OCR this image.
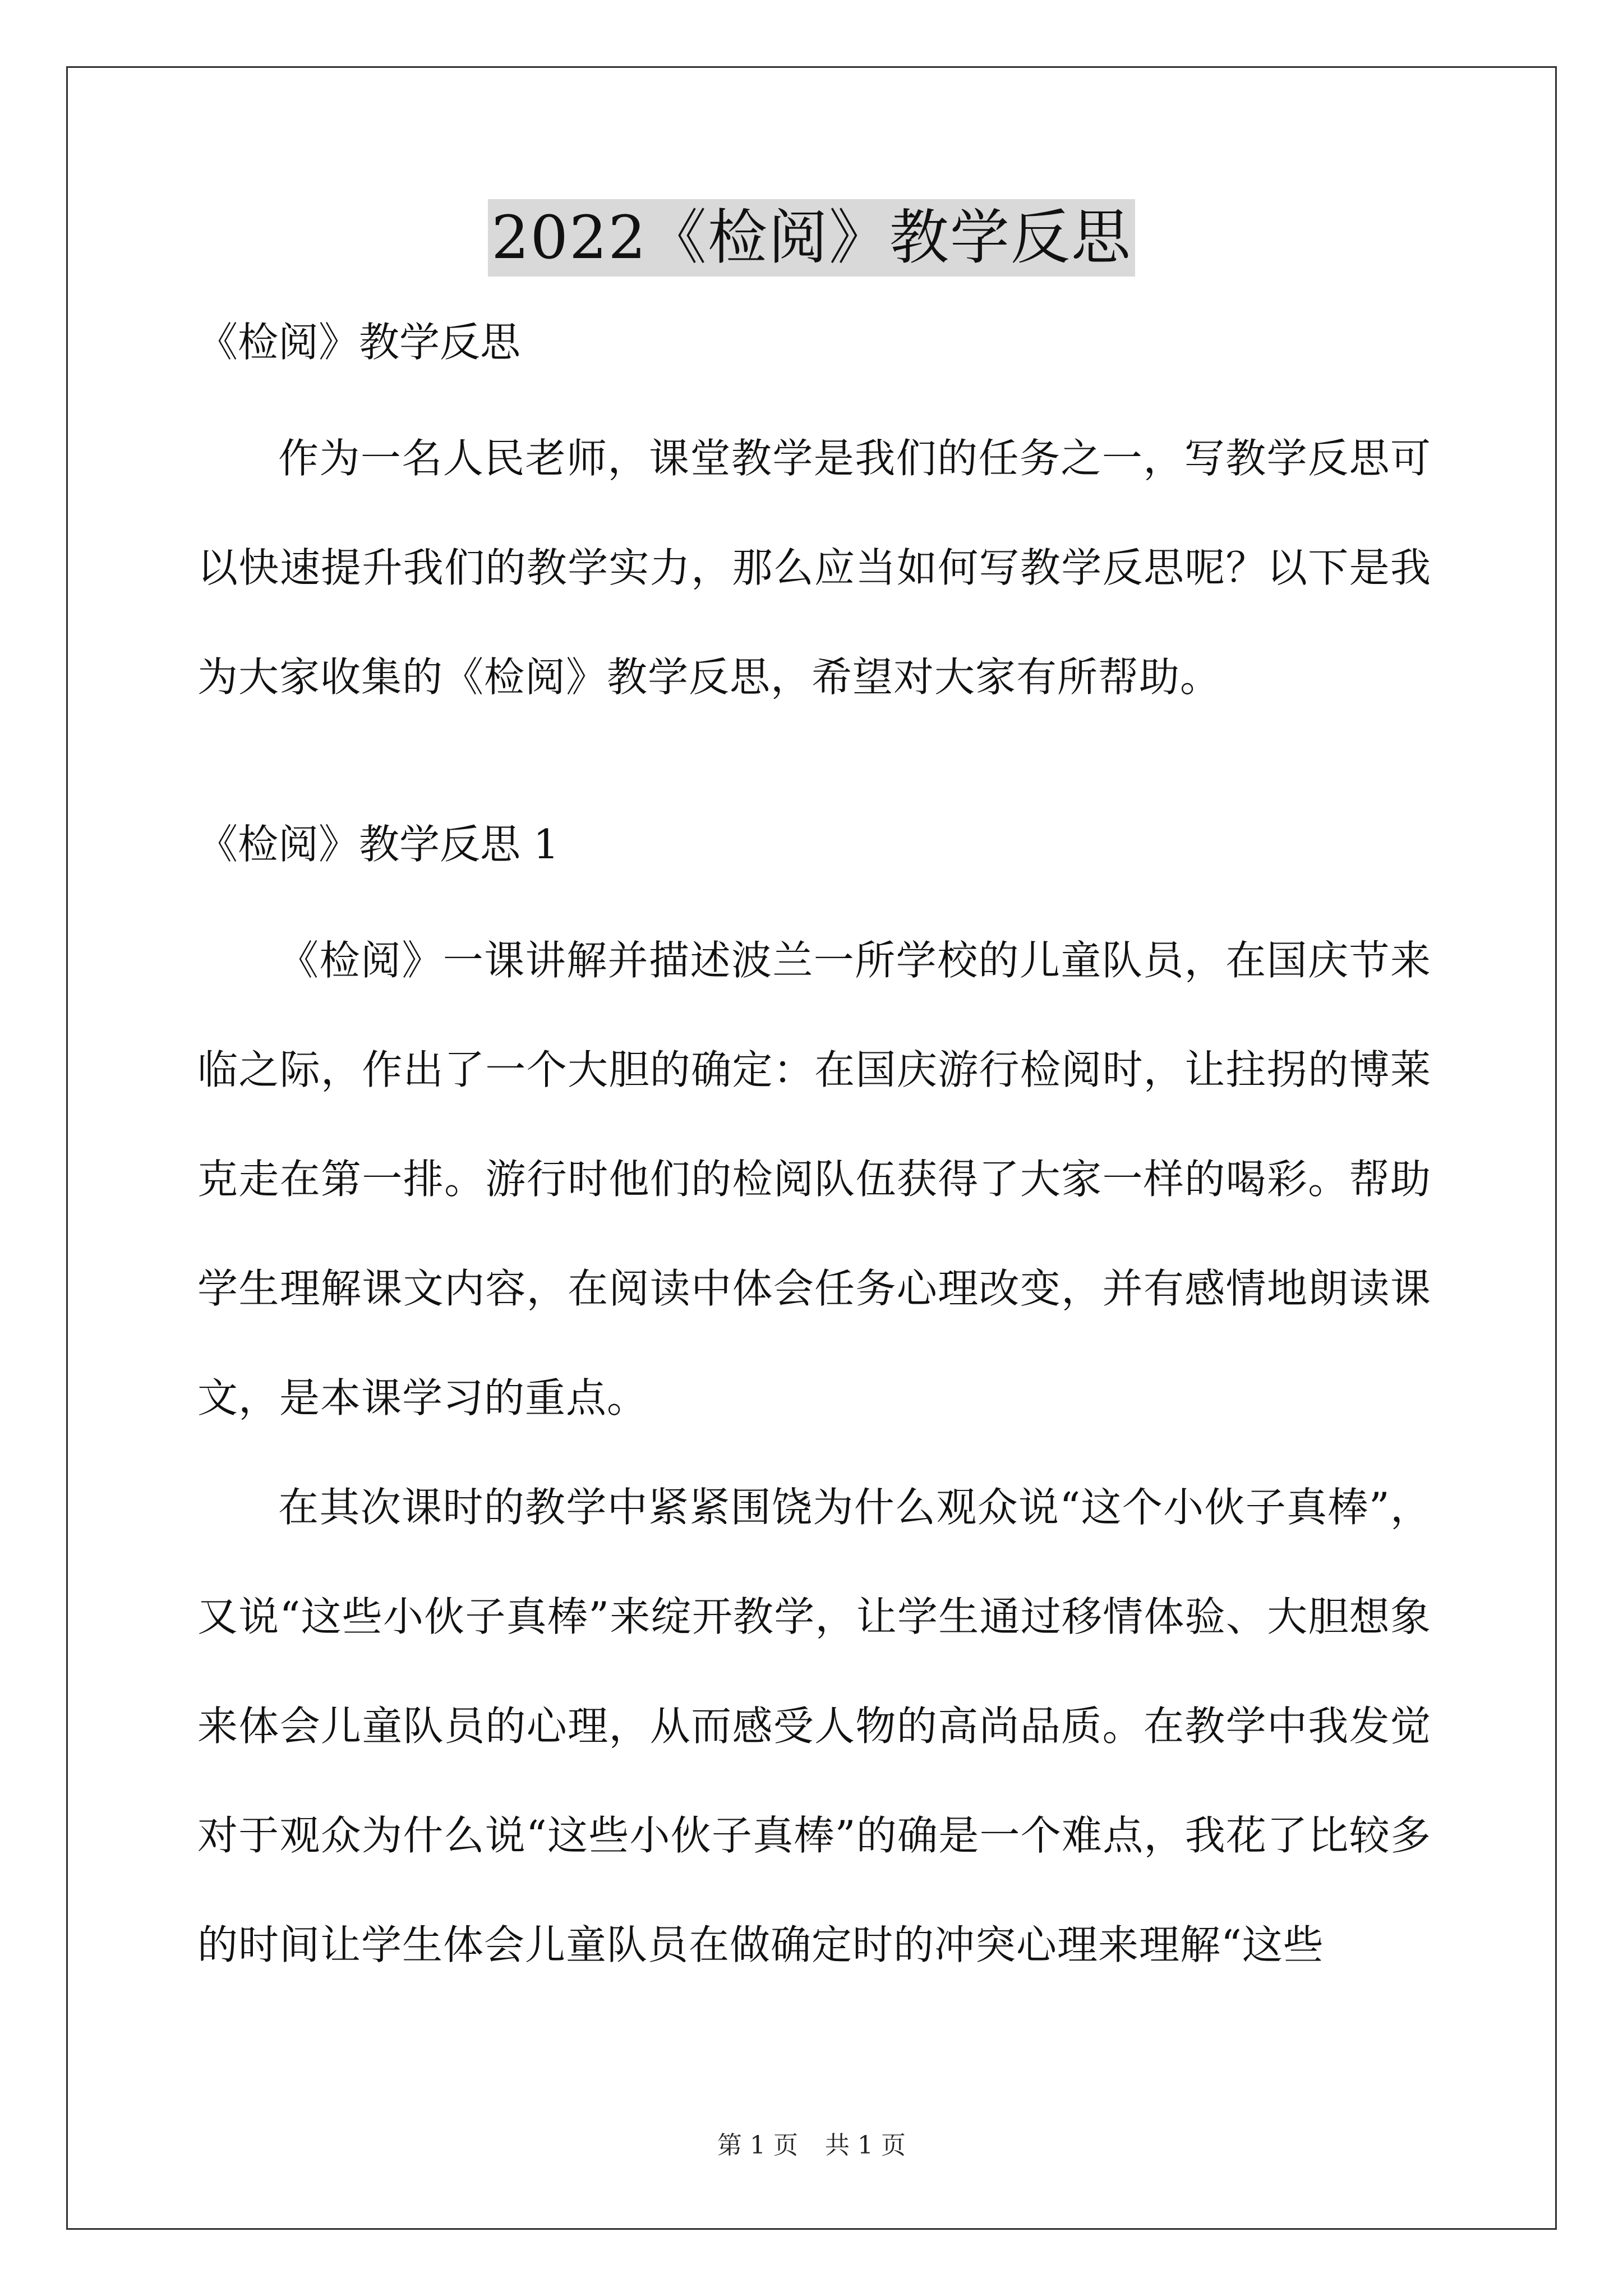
2022《检阅》教学反思

《检阅》教学反思

作为一名人民老师，课堂教学是我们的任务之一，写教学反思可以快速提升我们的教学实力，那么应当如何写教学反思呢？以下是我为大家收集的《检阅》教学反思，希望对大家有所帮助。

《检阅》教学反思 1

《检阅》一课讲解并描述波兰一所学校的儿童队员，在国庆节来临之际，作出了一个大胆的确定：在国庆游行检阅时，让拄拐的博莱克走在第一排。游行时他们的检阅队伍获得了大家一样的喝彩。帮助学生理解课文内容，在阅读中体会任务心理改变，并有感情地朗读课文，是本课学习的重点。

在其次课时的教学中紧紧围饶为什么观众说“这个小伙子真棒”，又说“这些小伙子真棒”来绽开教学，让学生通过移情体验、大胆想象来体会儿童队员的心理，从而感受人物的高尚品质。在教学中我发觉对于观众为什么说“这些小伙子真棒”的确是一个难点，我花了比较多的时间让学生体会儿童队员在做确定时的冲突心理来理解“这些

第 1 页 共 1 页
